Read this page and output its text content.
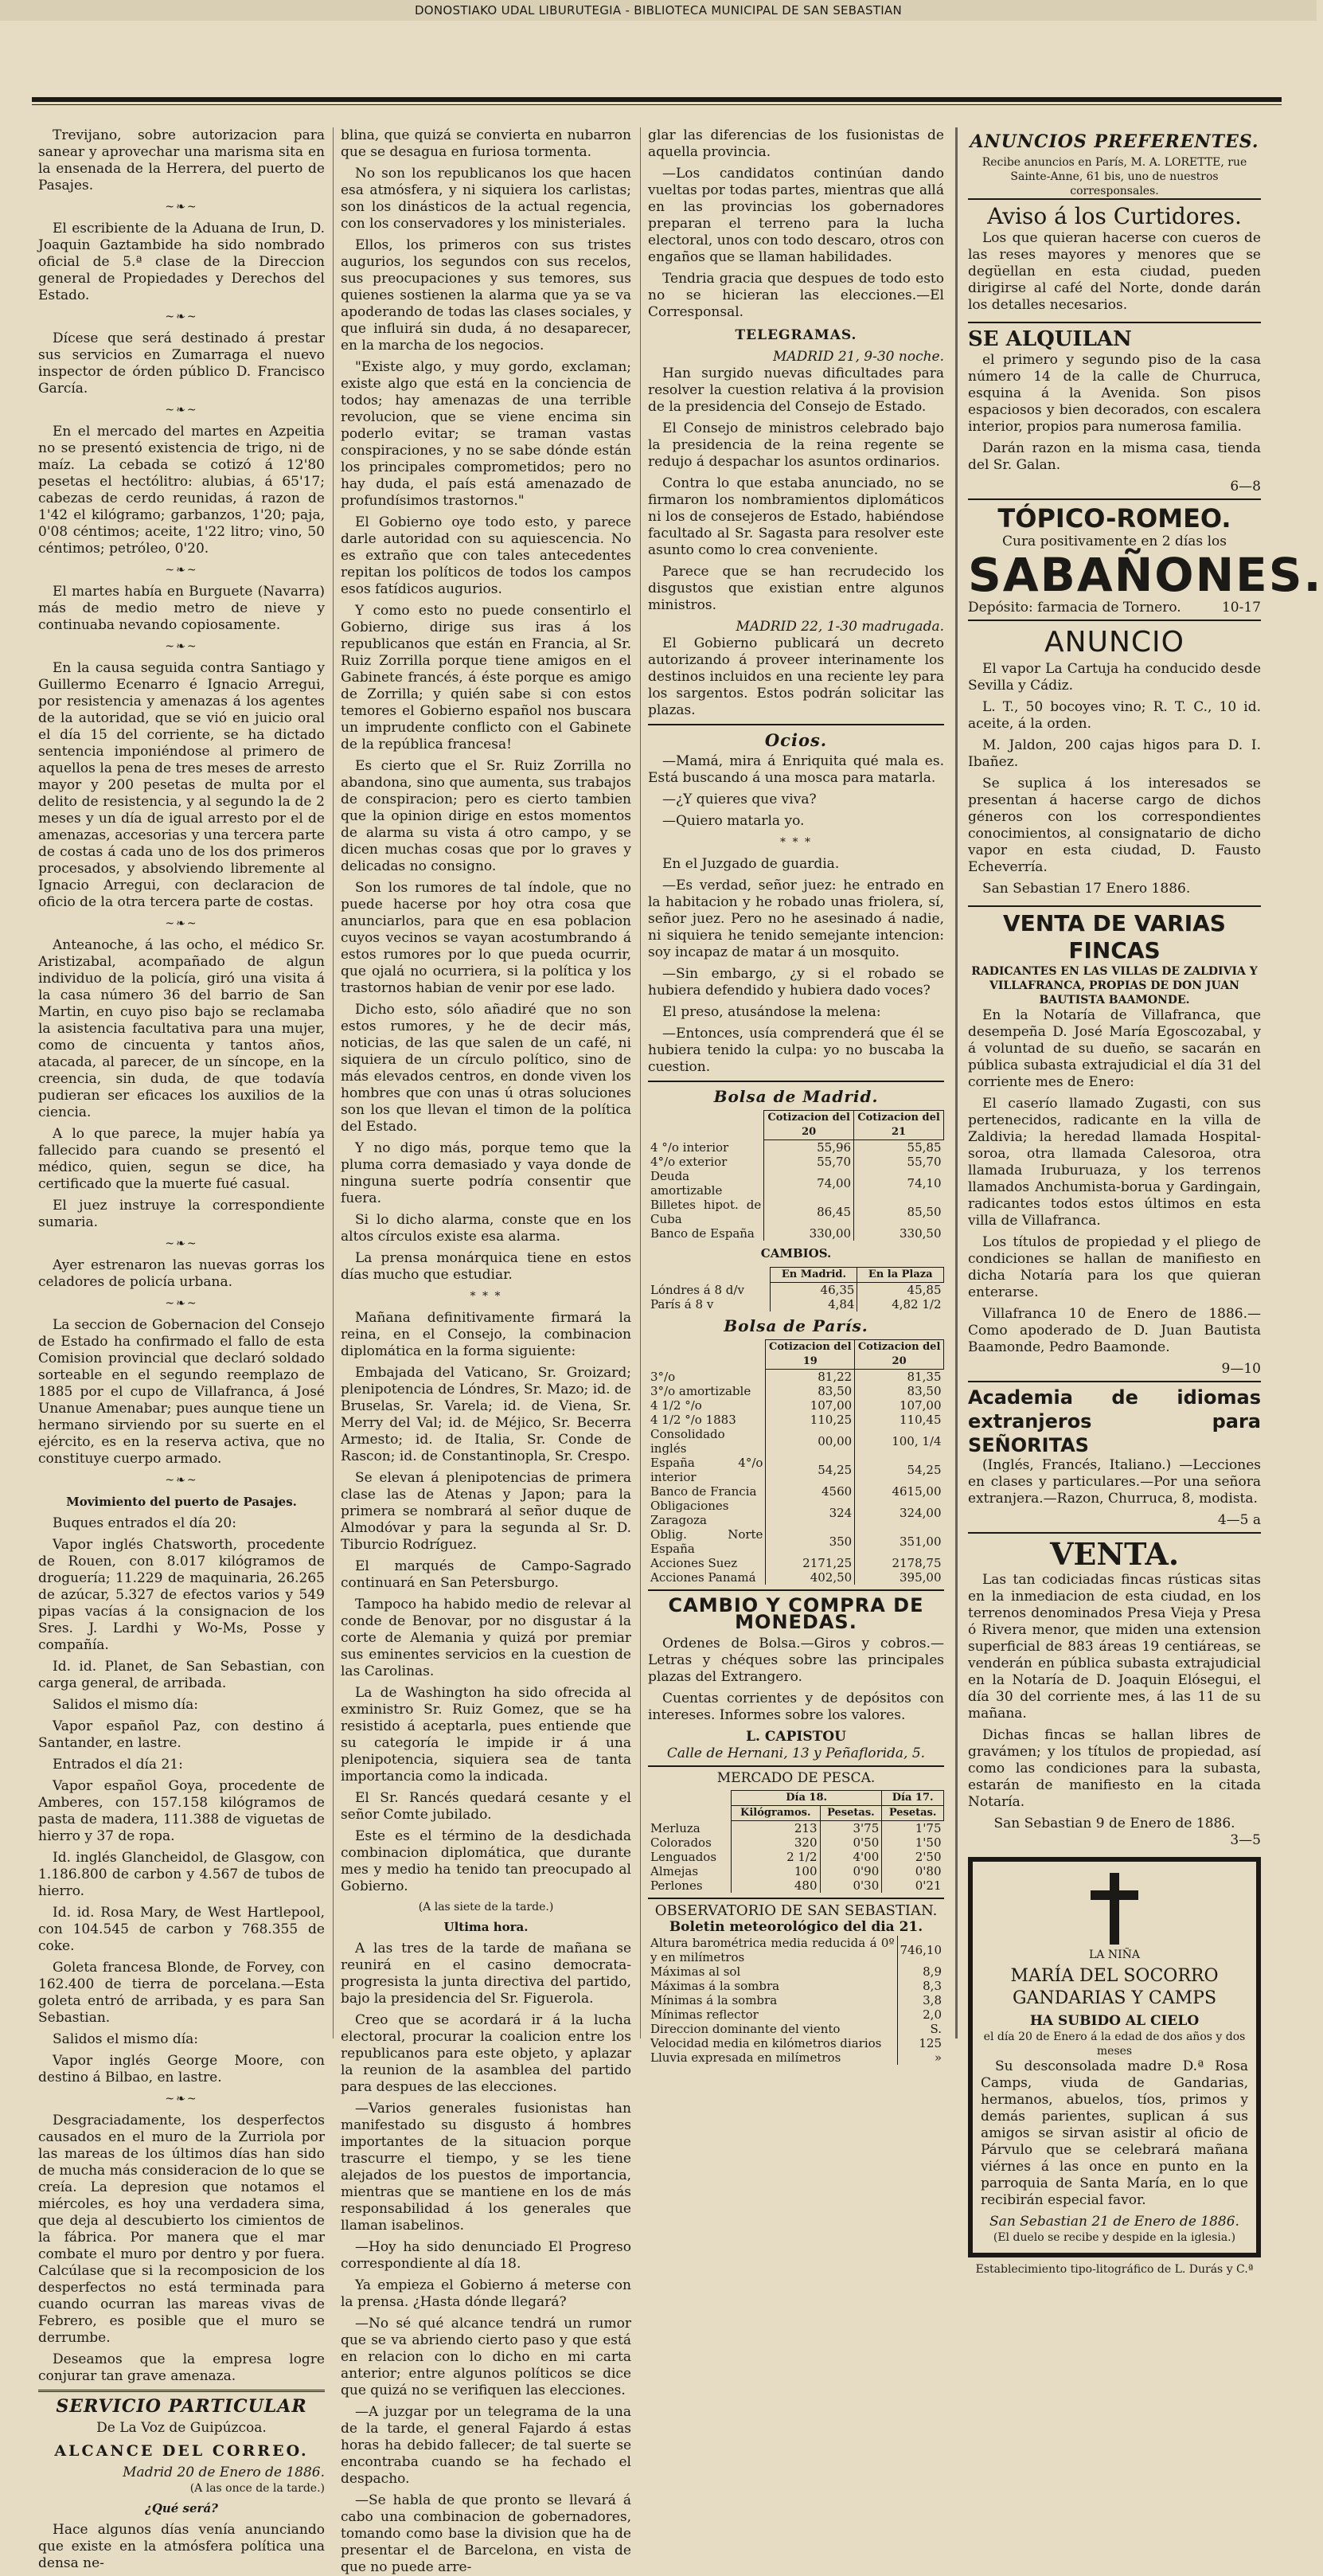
DONOSTIAKO UDAL LIBURUTEGIA - BIBLIOTECA MUNICIPAL DE SAN SEBASTIAN

Trevijano, sobre autorizacion para sanear y aprovechar una marisma sita en la ensenada de la Herrera, del puerto de Pasajes.

~❧~

El escribiente de la Aduana de Irun, D. Joaquin Gaztambide ha sido nombrado oficial de 5.ª clase de la Direccion general de Propiedades y Derechos del Estado.

~❧~

Dícese que será destinado á prestar sus servicios en Zumarraga el nuevo inspector de órden público D. Francisco García.

~❧~

En el mercado del martes en Azpeitia no se presentó existencia de trigo, ni de maíz. La cebada se cotizó á 12'80 pesetas el hectólitro: alubias, á 65'17; cabezas de cerdo reunidas, á razon de 1'42 el kilógramo; garbanzos, 1'20; paja, 0'08 céntimos; aceite, 1'22 litro; vino, 50 céntimos; petróleo, 0'20.

~❧~

El martes había en Burguete (Navarra) más de medio metro de nieve y continuaba nevando copiosamente.

~❧~

En la causa seguida contra Santiago y Guillermo Ecenarro é Ignacio Arregui, por resistencia y amenazas á los agentes de la autoridad, que se vió en juicio oral el día 15 del corriente, se ha dictado sentencia imponiéndose al primero de aquellos la pena de tres meses de arresto mayor y 200 pesetas de multa por el delito de resistencia, y al segundo la de 2 meses y un día de igual arresto por el de amenazas, accesorias y una tercera parte de costas á cada uno de los dos primeros procesados, y absolviendo libremente al Ignacio Arregui, con declaracion de oficio de la otra tercera parte de costas.

~❧~

Anteanoche, á las ocho, el médico Sr. Aristizabal, acompañado de algun individuo de la policía, giró una visita á la casa número 36 del barrio de San Martin, en cuyo piso bajo se reclamaba la asistencia facultativa para una mujer, como de cincuenta y tantos años, atacada, al parecer, de un síncope, en la creencia, sin duda, de que todavía pudieran ser eficaces los auxilios de la ciencia.

A lo que parece, la mujer había ya fallecido para cuando se presentó el médico, quien, segun se dice, ha certificado que la muerte fué casual.

El juez instruye la correspondiente sumaria.

~❧~

Ayer estrenaron las nuevas gorras los celadores de policía urbana.

~❧~

La seccion de Gobernacion del Consejo de Estado ha confirmado el fallo de esta Comision provincial que declaró soldado sorteable en el segundo reemplazo de 1885 por el cupo de Villafranca, á José Unanue Amenabar; pues aunque tiene un hermano sirviendo por su suerte en el ejército, es en la reserva activa, que no constituye cuerpo armado.

~❧~
Movimiento del puerto de Pasajes.

Buques entrados el día 20:

Vapor inglés Chatsworth, procedente de Rouen, con 8.017 kilógramos de droguería; 11.229 de maquinaria, 26.265 de azúcar, 5.327 de efectos varios y 549 pipas vacías á la consignacion de los Sres. J. Lardhi y Wo-Ms, Posse y compañía.

Id. id. Planet, de San Sebastian, con carga general, de arribada.

Salidos el mismo día:

Vapor español Paz, con destino á Santander, en lastre.

Entrados el día 21:

Vapor español Goya, procedente de Amberes, con 157.158 kilógramos de pasta de madera, 111.388 de viguetas de hierro y 37 de ropa.

Id. inglés Glancheidol, de Glasgow, con 1.186.800 de carbon y 4.567 de tubos de hierro.

Id. id. Rosa Mary, de West Hartlepool, con 104.545 de carbon y 768.355 de coke.

Goleta francesa Blonde, de Forvey, con 162.400 de tierra de porcelana.—Esta goleta entró de arribada, y es para San Sebastian.

Salidos el mismo día:

Vapor inglés George Moore, con destino á Bilbao, en lastre.

~❧~

Desgraciadamente, los desperfectos causados en el muro de la Zurriola por las mareas de los últimos días han sido de mucha más consideracion de lo que se creía. La depresion que notamos el miércoles, es hoy una verdadera sima, que deja al descubierto los cimientos de la fábrica. Por manera que el mar combate el muro por dentro y por fuera. Calcúlase que si la recomposicion de los desperfectos no está terminada para cuando ocurran las mareas vivas de Febrero, es posible que el muro se derrumbe.

Deseamos que la empresa logre conjurar tan grave amenaza.

SERVICIO PARTICULAR
De La Voz de Guipúzcoa.
ALCANCE DEL CORREO.
Madrid 20 de Enero de 1886.
(A las once de la tarde.)
¿Qué será?

Hace algunos días venía anunciando que existe en la atmósfera política una densa ne-

blina, que quizá se convierta en nubarron que se desagua en furiosa tormenta.

No son los republicanos los que hacen esa atmósfera, y ni siquiera los carlistas; son los dinásticos de la actual regencia, con los conservadores y los ministeriales.

Ellos, los primeros con sus tristes augurios, los segundos con sus recelos, sus preocupaciones y sus temores, sus quienes sostienen la alarma que ya se va apoderando de todas las clases sociales, y que influirá sin duda, á no desaparecer, en la marcha de los negocios.

"Existe algo, y muy gordo, exclaman; existe algo que está en la conciencia de todos; hay amenazas de una terrible revolucion, que se viene encima sin poderlo evitar; se traman vastas conspiraciones, y no se sabe dónde están los principales comprometidos; pero no hay duda, el país está amenazado de profundísimos trastornos."

El Gobierno oye todo esto, y parece darle autoridad con su aquiescencia. No es extraño que con tales antecedentes repitan los políticos de todos los campos esos fatídicos augurios.

Y como esto no puede consentirlo el Gobierno, dirige sus iras á los republicanos que están en Francia, al Sr. Ruiz Zorrilla porque tiene amigos en el Gabinete francés, á éste porque es amigo de Zorrilla; y quién sabe si con estos temores el Gobierno español nos buscara un imprudente conflicto con el Gabinete de la república francesa!

Es cierto que el Sr. Ruiz Zorrilla no abandona, sino que aumenta, sus trabajos de conspiracion; pero es cierto tambien que la opinion dirige en estos momentos de alarma su vista á otro campo, y se dicen muchas cosas que por lo graves y delicadas no consigno.

Son los rumores de tal índole, que no puede hacerse por hoy otra cosa que anunciarlos, para que en esa poblacion cuyos vecinos se vayan acostumbrando á estos rumores por lo que pueda ocurrir, que ojalá no ocurriera, si la política y los trastornos habian de venir por ese lado.

Dicho esto, sólo añadiré que no son estos rumores, y he de decir más, noticias, de las que salen de un café, ni siquiera de un círculo político, sino de más elevados centros, en donde viven los hombres que con unas ú otras soluciones son los que llevan el timon de la política del Estado.

Y no digo más, porque temo que la pluma corra demasiado y vaya donde de ninguna suerte podría consentir que fuera.

Si lo dicho alarma, conste que en los altos círculos existe esa alarma.

La prensa monárquica tiene en estos días mucho que estudiar.

* * *

Mañana definitivamente firmará la reina, en el Consejo, la combinacion diplomática en la forma siguiente:

Embajada del Vaticano, Sr. Groizard; plenipotencia de Lóndres, Sr. Mazo; id. de Bruselas, Sr. Varela; id. de Viena, Sr. Merry del Val; id. de Méjico, Sr. Becerra Armesto; id. de Italia, Sr. Conde de Rascon; id. de Constantinopla, Sr. Crespo.

Se elevan á plenipotencias de primera clase las de Atenas y Japon; para la primera se nombrará al señor duque de Almodóvar y para la segunda al Sr. D. Tiburcio Rodríguez.

El marqués de Campo-Sagrado continuará en San Petersburgo.

Tampoco ha habido medio de relevar al conde de Benovar, por no disgustar á la corte de Alemania y quizá por premiar sus eminentes servicios en la cuestion de las Carolinas.

La de Washington ha sido ofrecida al exministro Sr. Ruiz Gomez, que se ha resistido á aceptarla, pues entiende que su categoría le impide ir á una plenipotencia, siquiera sea de tanta importancia como la indicada.

El Sr. Rancés quedará cesante y el señor Comte jubilado.

Este es el término de la desdichada combinacion diplomática, que durante mes y medio ha tenido tan preocupado al Gobierno.

(A las siete de la tarde.)
Ultima hora.

A las tres de la tarde de mañana se reunirá en el casino democrata-progresista la junta directiva del partido, bajo la presidencia del Sr. Figuerola.

Creo que se acordará ir á la lucha electoral, procurar la coalicion entre los republicanos para este objeto, y aplazar la reunion de la asamblea del partido para despues de las elecciones.

—Varios generales fusionistas han manifestado su disgusto á hombres importantes de la situacion porque trascurre el tiempo, y se les tiene alejados de los puestos de importancia, mientras que se mantiene en los de más responsabilidad á los generales que llaman isabelinos.

—Hoy ha sido denunciado El Progreso correspondiente al día 18.

Ya empieza el Gobierno á meterse con la prensa. ¿Hasta dónde llegará?

—No sé qué alcance tendrá un rumor que se va abriendo cierto paso y que está en relacion con lo dicho en mi carta anterior; entre algunos políticos se dice que quizá no se verifiquen las elecciones.

—A juzgar por un telegrama de la una de la tarde, el general Fajardo á estas horas ha debido fallecer; de tal suerte se encontraba cuando se ha fechado el despacho.

—Se habla de que pronto se llevará á cabo una combinacion de gobernadores, tomando como base la division que ha de presentar el de Barcelona, en vista de que no puede arre-

glar las diferencias de los fusionistas de aquella provincia.

—Los candidatos continúan dando vueltas por todas partes, mientras que allá en las provincias los gobernadores preparan el terreno para la lucha electoral, unos con todo descaro, otros con engaños que se llaman habilidades.

Tendria gracia que despues de todo esto no se hicieran las elecciones.—El Corresponsal.

TELEGRAMAS.
MADRID 21, 9-30 noche.

Han surgido nuevas dificultades para resolver la cuestion relativa á la provision de la presidencia del Consejo de Estado.

El Consejo de ministros celebrado bajo la presidencia de la reina regente se redujo á despachar los asuntos ordinarios.

Contra lo que estaba anunciado, no se firmaron los nombramientos diplomáticos ni los de consejeros de Estado, habiéndose facultado al Sr. Sagasta para resolver este asunto como lo crea conveniente.

Parece que se han recrudecido los disgustos que existian entre algunos ministros.

MADRID 22, 1-30 madrugada.

El Gobierno publicará un decreto autorizando á proveer interinamente los destinos incluidos en una reciente ley para los sargentos. Estos podrán solicitar las plazas.

Ocios.

—Mamá, mira á Enriquita qué mala es. Está buscando á una mosca para matarla.

—¿Y quieres que viva?

—Quiero matarla yo.

* * *

En el Juzgado de guardia.

—Es verdad, señor juez: he entrado en la habitacion y he robado unas friolera, sí, señor juez. Pero no he asesinado á nadie, ni siquiera he tenido semejante intencion: soy incapaz de matar á un mosquito.

—Sin embargo, ¿y si el robado se hubiera defendido y hubiera dado voces?

El preso, atusándose la melena:

—Entonces, usía comprenderá que él se hubiera tenido la culpa: yo no buscaba la cuestion.

Bolsa de Madrid.
	Cotizacion del 20	Cotizacion del 21
4 °/o interior	55,96	55,85
4°/o exterior	55,70	55,70
Deuda amortizable	74,00	74,10
Billetes hipot. de Cuba	86,45	85,50
Banco de España	330,00	330,50
CAMBIOS.
	En Madrid.	En la Plaza
Lóndres á 8 d/v	46,35	45,85
París á 8 v	4,84	4,82 1/2
Bolsa de París.
	Cotizacion del 19	Cotizacion del 20
3°/o	81,22	81,35
3°/o amortizable	83,50	83,50
4 1/2 °/o	107,00	107,00
4 1/2 °/o 1883	110,25	110,45
Consolidado inglés	00,00	100, 1/4
España 4°/o interior	54,25	54,25
Banco de Francia	4560	4615,00
Obligaciones Zaragoza	324	324,00
Oblig. Norte España	350	351,00
Acciones Suez	2171,25	2178,75
Acciones Panamá	402,50	395,00
CAMBIO Y COMPRA DE MONEDAS.

Ordenes de Bolsa.—Giros y cobros.—Letras y chéques sobre las principales plazas del Extrangero.

Cuentas corrientes y de depósitos con intereses. Informes sobre los valores.

L. CAPISTOU
Calle de Hernani, 13 y Peñaflorida, 5.
MERCADO DE PESCA.
	Día 18.		Día 17.
	Kilógramos.	Pesetas.	Pesetas.
Merluza	213	3'75	1'75
Colorados	320	0'50	1'50
Lenguados	2 1/2	4'00	2'50
Almejas	100	0'90	0'80
Perlones	480	0'30	0'21
OBSERVATORIO DE SAN SEBASTIAN.
Boletin meteorológico del dia 21.
Altura barométrica media reducida á 0º y en milímetros	746,10
Máximas al sol	8,9
Máximas á la sombra	8,3
Mínimas á la sombra	3,8
Mínimas reflector	2,0
Direccion dominante del viento	S.
Velocidad media en kilómetros diarios	125
Lluvia expresada en milímetros	»
ANUNCIOS PREFERENTES.
Recibe anuncios en París, M. A. LORETTE, rue Sainte-Anne, 61 bis, uno de nuestros corresponsales.
Aviso á los Curtidores.

Los que quieran hacerse con cueros de las reses mayores y menores que se degüellan en esta ciudad, pueden dirigirse al café del Norte, donde darán los detalles necesarios.

SE ALQUILAN

el primero y segundo piso de la casa número 14 de la calle de Churruca, esquina á la Avenida. Son pisos espaciosos y bien decorados, con escalera interior, propios para numerosa familia.

Darán razon en la misma casa, tienda del Sr. Galan.

6—8
TÓPICO-ROMEO.
Cura positivamente en 2 días los
SABAÑONES.
Depósito: farmacia de Tornero.	10-17
ANUNCIO

El vapor La Cartuja ha conducido desde Sevilla y Cádiz.

L. T., 50 bocoyes vino; R. T. C., 10 id. aceite, á la orden.

M. Jaldon, 200 cajas higos para D. I. Ibañez.

Se suplica á los interesados se presentan á hacerse cargo de dichos géneros con los correspondientes conocimientos, al consignatario de dicho vapor en esta ciudad, D. Fausto Echeverría.

San Sebastian 17 Enero 1886.

VENTA DE VARIAS FINCAS
RADICANTES EN LAS VILLAS DE ZALDIVIA Y VILLAFRANCA, PROPIAS DE DON JUAN BAUTISTA BAAMONDE.

En la Notaría de Villafranca, que desempeña D. José María Egoscozabal, y á voluntad de su dueño, se sacarán en pública subasta extrajudicial el día 31 del corriente mes de Enero:

El caserío llamado Zugasti, con sus pertenecidos, radicante en la villa de Zaldivia; la heredad llamada Hospital-soroa, otra llamada Calesoroa, otra llamada Iruburuaza, y los terrenos llamados Anchumista-borua y Gardingain, radicantes todos estos últimos en esta villa de Villafranca.

Los títulos de propiedad y el pliego de condiciones se hallan de manifiesto en dicha Notaría para los que quieran enterarse.

Villafranca 10 de Enero de 1886.—Como apoderado de D. Juan Bautista Baamonde, Pedro Baamonde.

9—10
Academia de idiomas extranjeros para SEÑORITAS

(Inglés, Francés, Italiano.) —Lecciones en clases y particulares.—Por una señora extranjera.—Razon, Churruca, 8, modista.

4—5 a
VENTA.

Las tan codiciadas fincas rústicas sitas en la inmediacion de esta ciudad, en los terrenos denominados Presa Vieja y Presa ó Rivera menor, que miden una extension superficial de 883 áreas 19 centiáreas, se venderán en pública subasta extrajudicial en la Notaría de D. Joaquin Elósegui, el día 30 del corriente mes, á las 11 de su mañana.

Dichas fincas se hallan libres de gravámen; y los títulos de propiedad, así como las condiciones para la subasta, estarán de manifiesto en la citada Notaría.

San Sebastian 9 de Enero de 1886.
3—5
LA NIÑA
MARÍA DEL SOCORRO GANDARIAS Y CAMPS
HA SUBIDO AL CIELO
el día 20 de Enero á la edad de dos años y dos meses

Su desconsolada madre D.ª Rosa Camps, viuda de Gandarias, hermanos, abuelos, tíos, primos y demás parientes, suplican á sus amigos se sirvan asistir al oficio de Párvulo que se celebrará mañana viérnes á las once en punto en la parroquia de Santa María, en lo que recibirán especial favor.

San Sebastian 21 de Enero de 1886.
(El duelo se recibe y despide en la iglesia.)
Establecimiento tipo-litográfico de L. Durás y C.ª
